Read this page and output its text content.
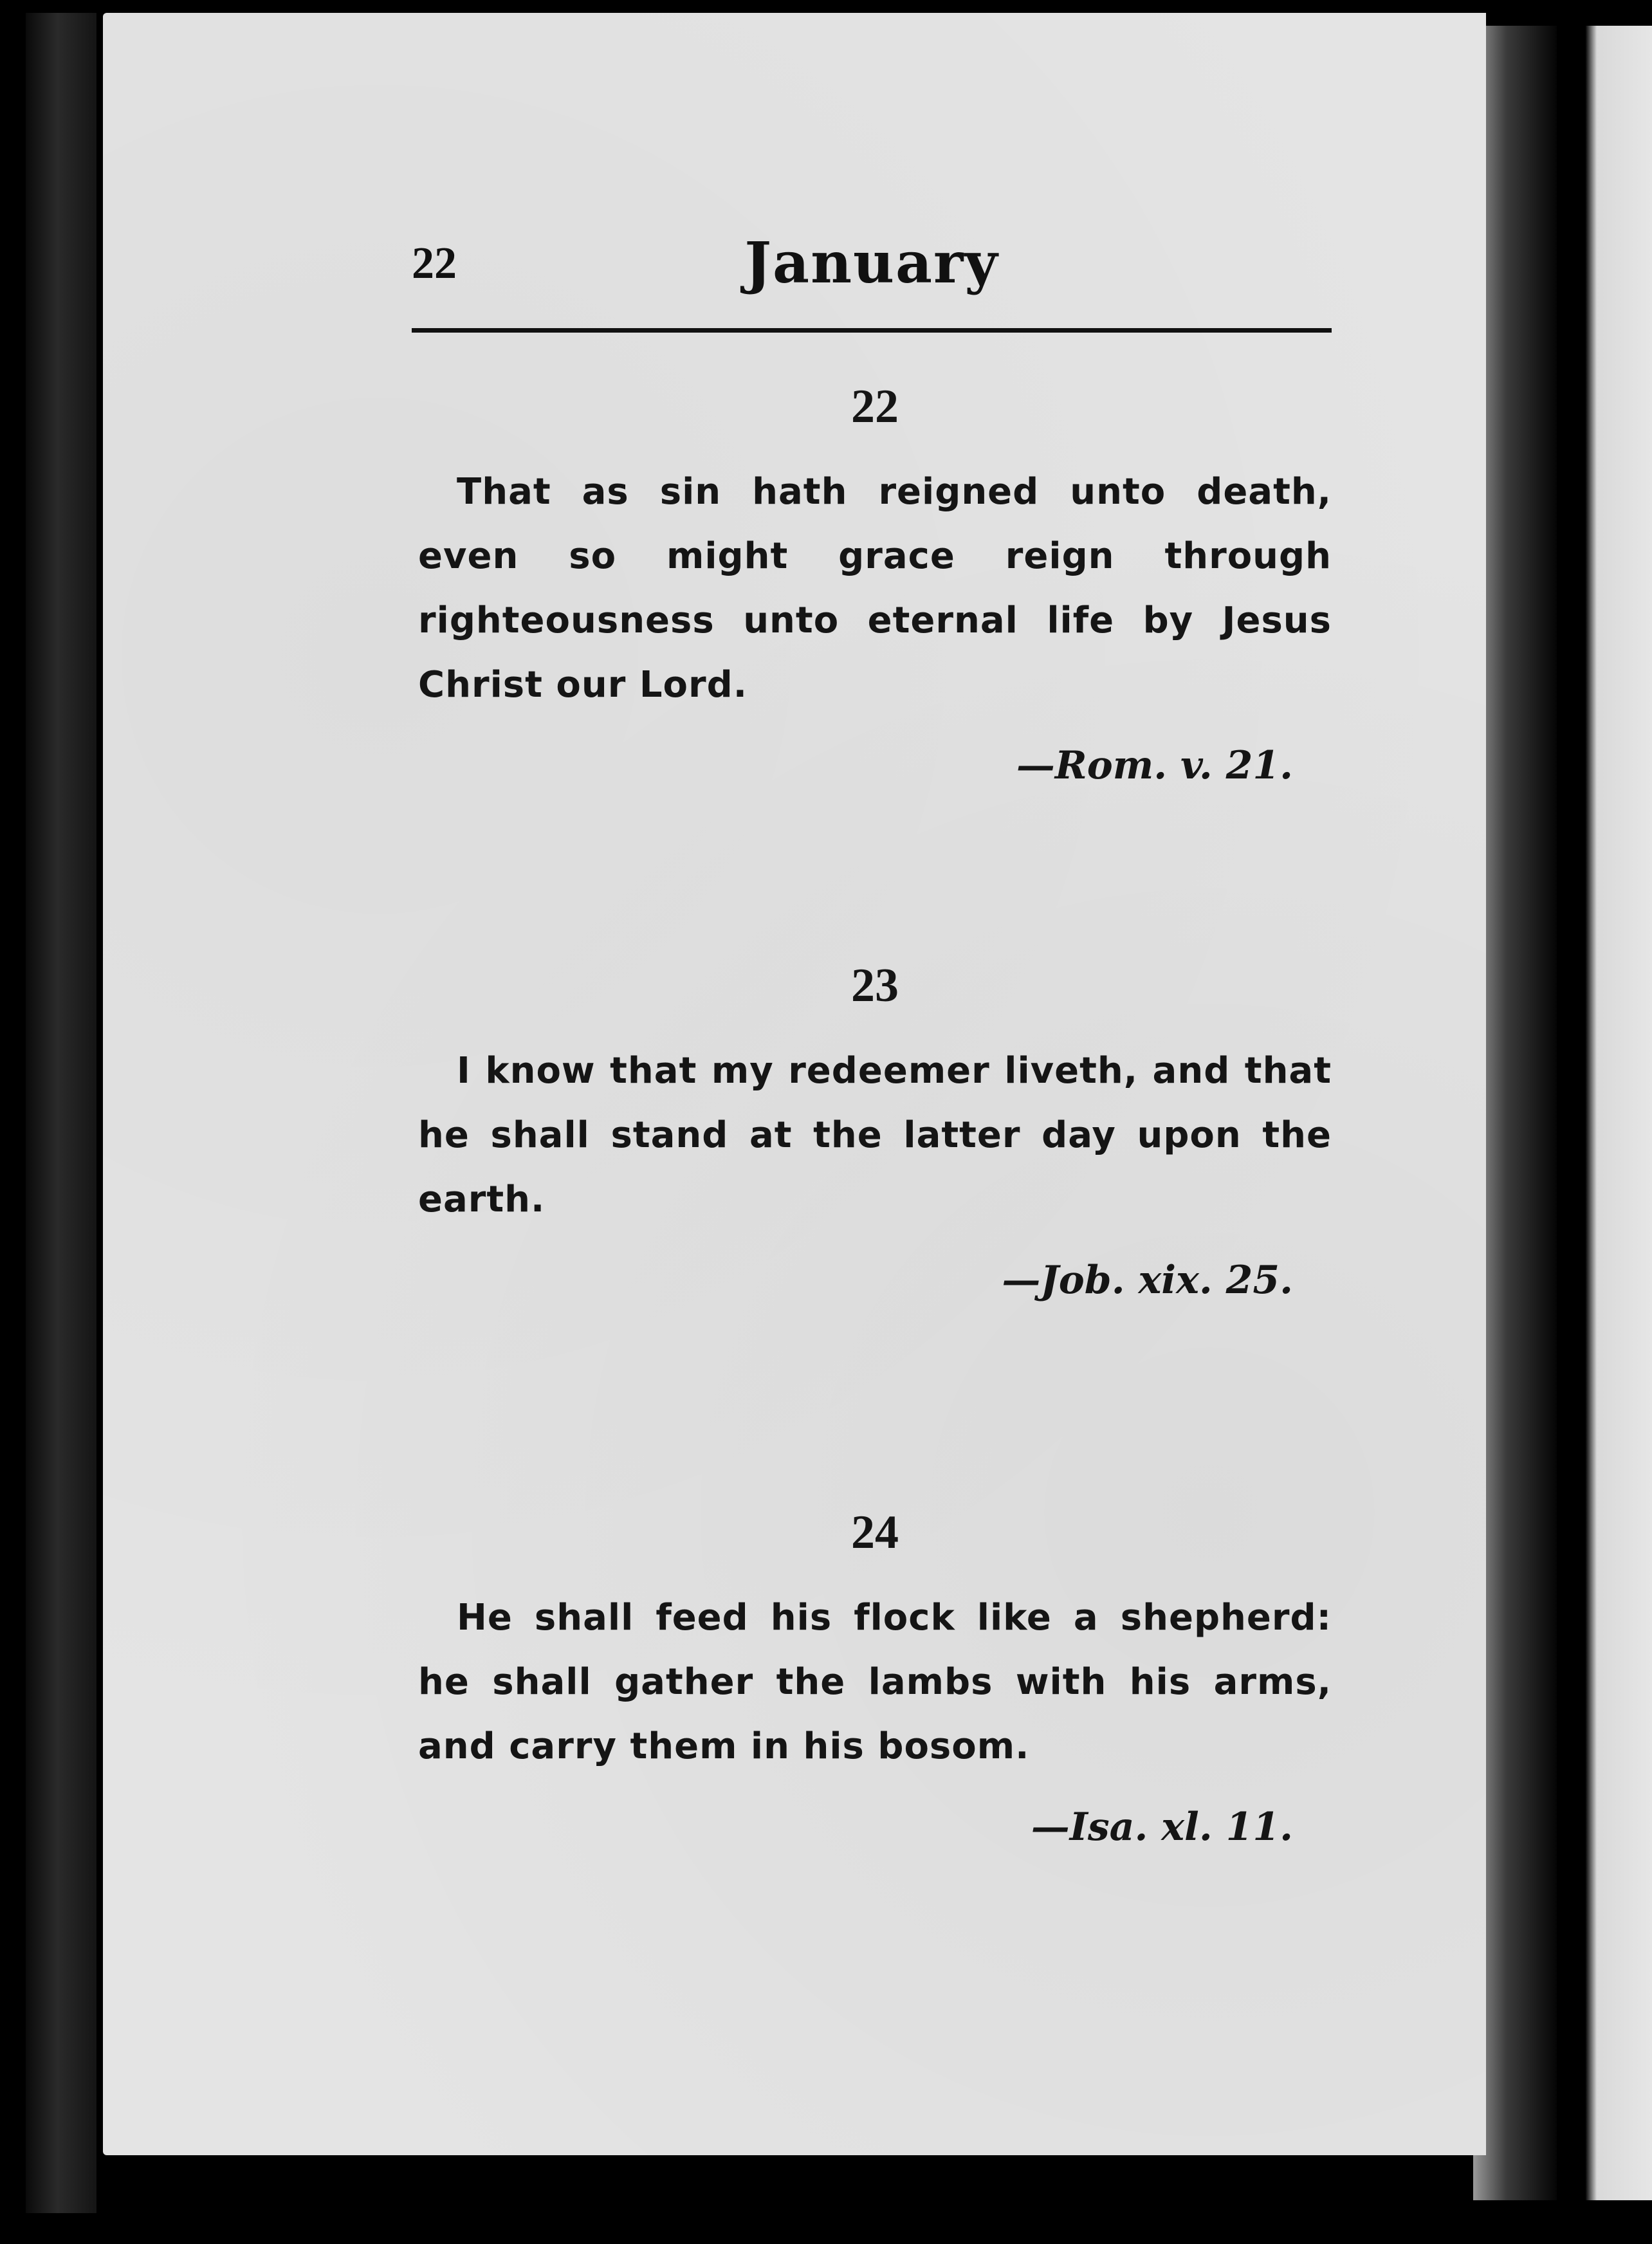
22	January
22

That as sin hath reigned unto death, even so might grace reign through righteousness unto eternal life by Jesus Christ our Lord.

—Rom. v. 21.
23

I know that my redeemer liveth, and that he shall stand at the latter day upon the earth.

—Job. xix. 25.
24

He shall feed his flock like a shepherd: he shall gather the lambs with his arms, and carry them in his bosom.

—Isa. xl. 11.
